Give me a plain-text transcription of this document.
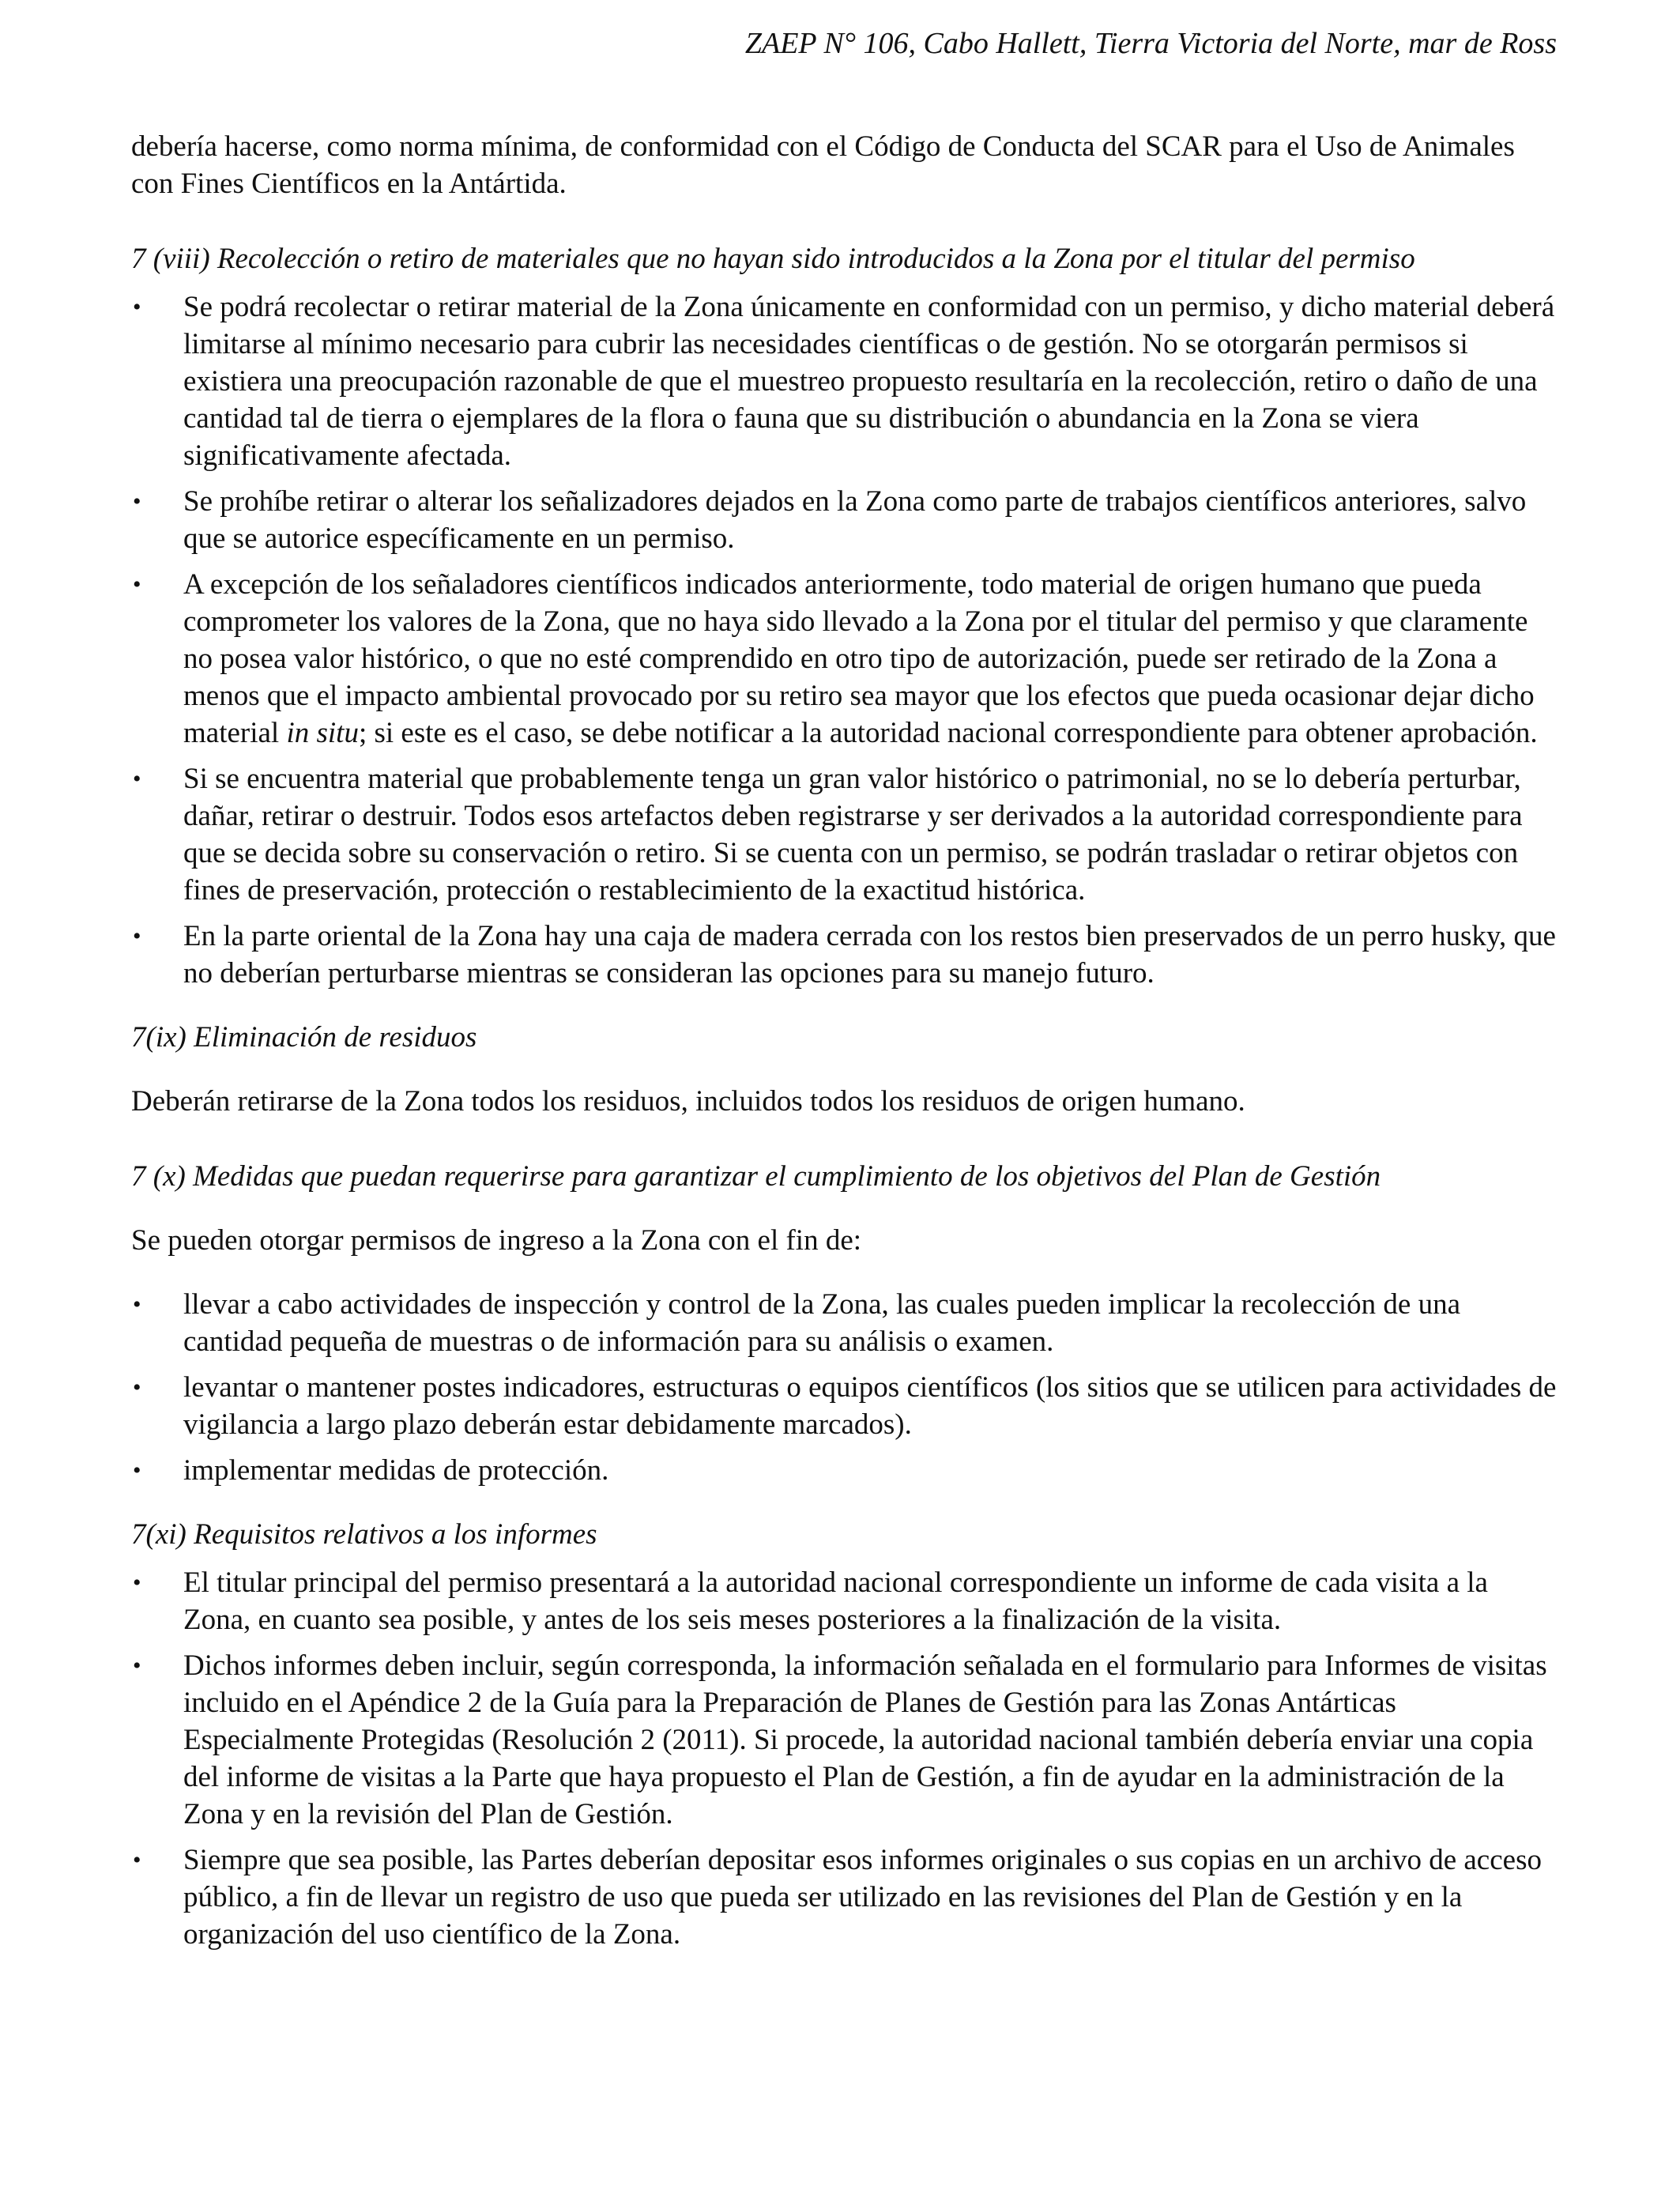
ZAEP N° 106, Cabo Hallett, Tierra Victoria del Norte, mar de Ross

debería hacerse, como norma mínima, de conformidad con el Código de Conducta del SCAR para el Uso de Animales con Fines Científicos en la Antártida.

7 (viii) Recolección o retiro de materiales que no hayan sido introducidos a la Zona por el titular del permiso

• Se podrá recolectar o retirar material de la Zona únicamente en conformidad con un permiso, y dicho material deberá limitarse al mínimo necesario para cubrir las necesidades científicas o de gestión. No se otorgarán permisos si existiera una preocupación razonable de que el muestreo propuesto resultaría en la recolección, retiro o daño de una cantidad tal de tierra o ejemplares de la flora o fauna que su distribución o abundancia en la Zona se viera significativamente afectada.
• Se prohíbe retirar o alterar los señalizadores dejados en la Zona como parte de trabajos científicos anteriores, salvo que se autorice específicamente en un permiso.
• A excepción de los señaladores científicos indicados anteriormente, todo material de origen humano que pueda comprometer los valores de la Zona, que no haya sido llevado a la Zona por el titular del permiso y que claramente no posea valor histórico, o que no esté comprendido en otro tipo de autorización, puede ser retirado de la Zona a menos que el impacto ambiental provocado por su retiro sea mayor que los efectos que pueda ocasionar dejar dicho material in situ; si este es el caso, se debe notificar a la autoridad nacional correspondiente para obtener aprobación.
• Si se encuentra material que probablemente tenga un gran valor histórico o patrimonial, no se lo debería perturbar, dañar, retirar o destruir. Todos esos artefactos deben registrarse y ser derivados a la autoridad correspondiente para que se decida sobre su conservación o retiro. Si se cuenta con un permiso, se podrán trasladar o retirar objetos con fines de preservación, protección o restablecimiento de la exactitud histórica.
• En la parte oriental de la Zona hay una caja de madera cerrada con los restos bien preservados de un perro husky, que no deberían perturbarse mientras se consideran las opciones para su manejo futuro.

7(ix) Eliminación de residuos

Deberán retirarse de la Zona todos los residuos, incluidos todos los residuos de origen humano.

7 (x) Medidas que puedan requerirse para garantizar el cumplimiento de los objetivos del Plan de Gestión

Se pueden otorgar permisos de ingreso a la Zona con el fin de:

• llevar a cabo actividades de inspección y control de la Zona, las cuales pueden implicar la recolección de una cantidad pequeña de muestras o de información para su análisis o examen.
• levantar o mantener postes indicadores, estructuras o equipos científicos (los sitios que se utilicen para actividades de vigilancia a largo plazo deberán estar debidamente marcados).
• implementar medidas de protección.

7(xi) Requisitos relativos a los informes

• El titular principal del permiso presentará a la autoridad nacional correspondiente un informe de cada visita a la Zona, en cuanto sea posible, y antes de los seis meses posteriores a la finalización de la visita.
• Dichos informes deben incluir, según corresponda, la información señalada en el formulario para Informes de visitas incluido en el Apéndice 2 de la Guía para la Preparación de Planes de Gestión para las Zonas Antárticas Especialmente Protegidas (Resolución 2 (2011). Si procede, la autoridad nacional también debería enviar una copia del informe de visitas a la Parte que haya propuesto el Plan de Gestión, a fin de ayudar en la administración de la Zona y en la revisión del Plan de Gestión.
• Siempre que sea posible, las Partes deberían depositar esos informes originales o sus copias en un archivo de acceso público, a fin de llevar un registro de uso que pueda ser utilizado en las revisiones del Plan de Gestión y en la organización del uso científico de la Zona.
